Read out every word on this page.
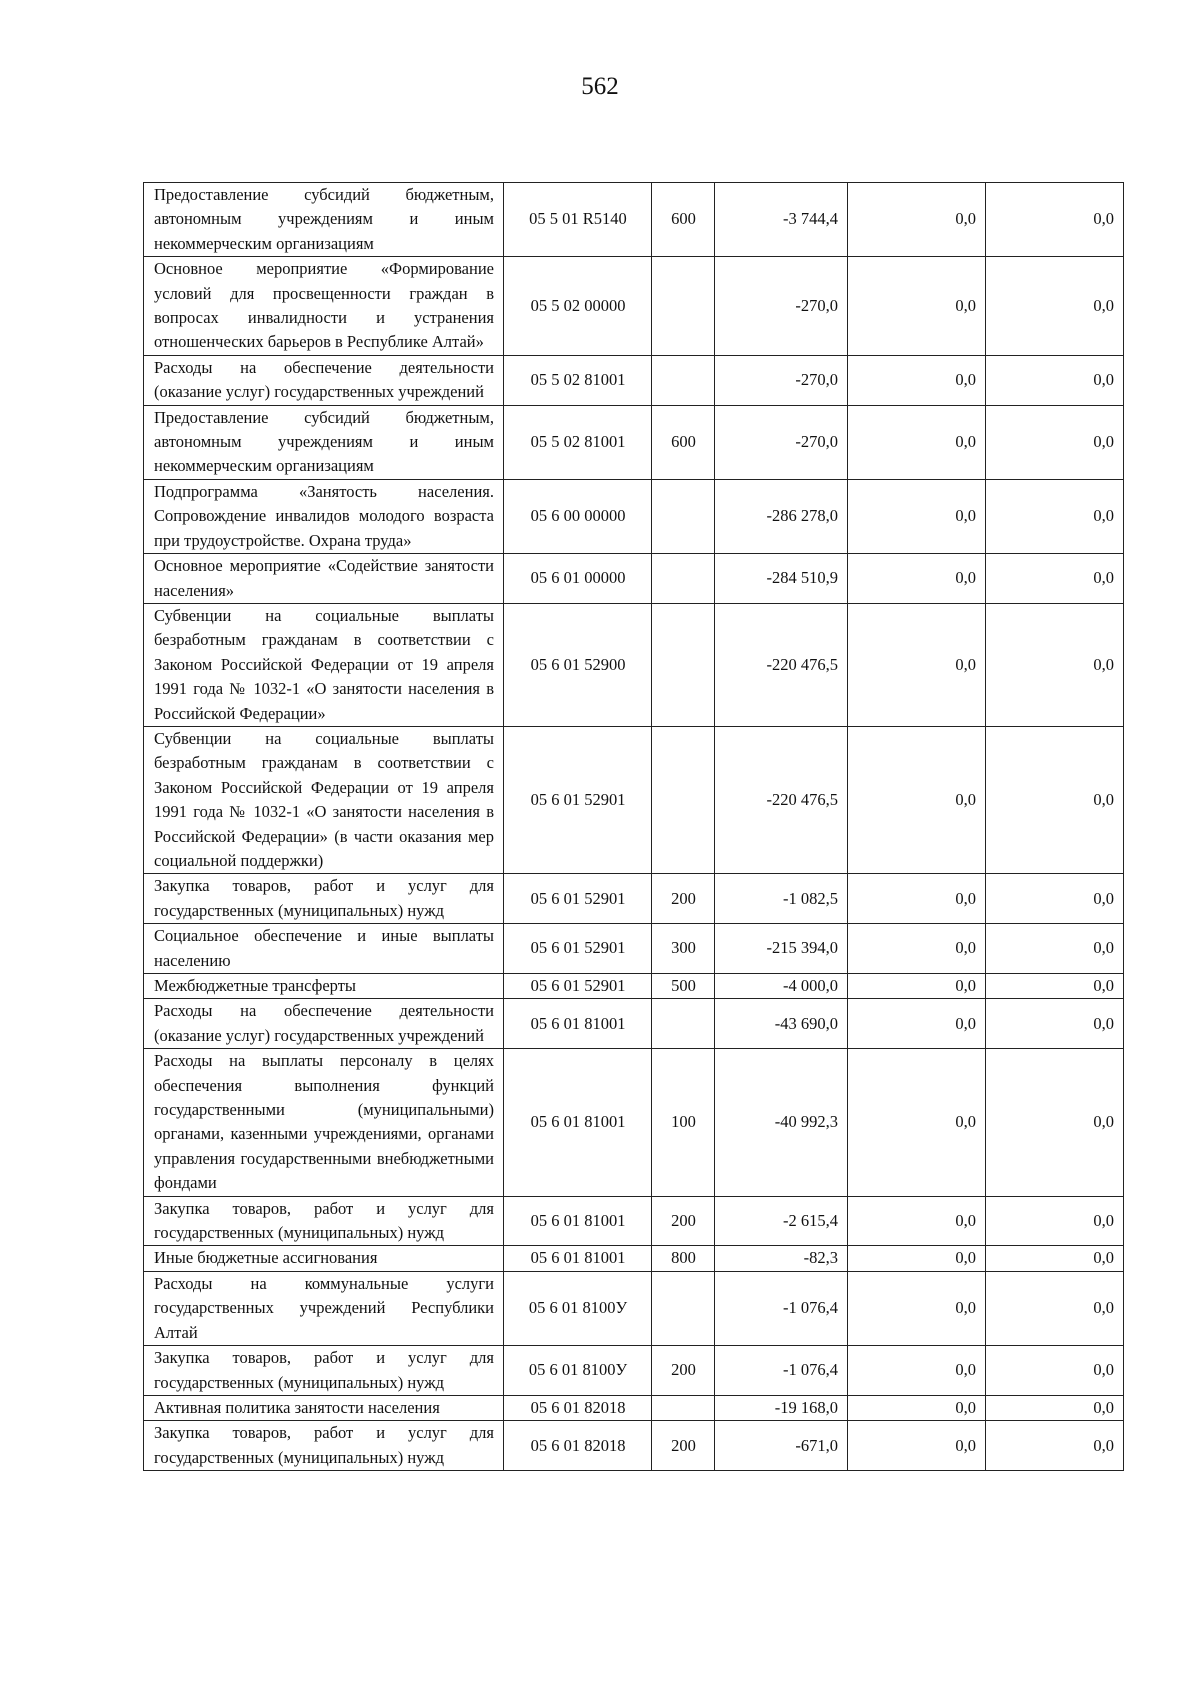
562
Предоставление субсидий бюджетным, автономным учреждениям и иным некоммерческим организациям	05 5 01 R5140	600	-3 744,4	0,0	0,0
Основное мероприятие «Формирование условий для просвещенности граждан в вопросах инвалидности и устранения отношенческих барьеров в Республике Алтай»	05 5 02 00000		-270,0	0,0	0,0
Расходы на обеспечение деятельности (оказание услуг) государственных учреждений	05 5 02 81001		-270,0	0,0	0,0
Предоставление субсидий бюджетным, автономным учреждениям и иным некоммерческим организациям	05 5 02 81001	600	-270,0	0,0	0,0
Подпрограмма «Занятость населения. Сопровождение инвалидов молодого возраста при трудоустройстве. Охрана труда»	05 6 00 00000		-286 278,0	0,0	0,0
Основное мероприятие «Содействие занятости населения»	05 6 01 00000		-284 510,9	0,0	0,0
Субвенции на социальные выплаты безработным гражданам в соответствии с Законом Российской Федерации от 19 апреля 1991 года № 1032-1 «О занятости населения в Российской Федерации»	05 6 01 52900		-220 476,5	0,0	0,0
Субвенции на социальные выплаты безработным гражданам в соответствии с Законом Российской Федерации от 19 апреля 1991 года № 1032-1 «О занятости населения в Российской Федерации» (в части оказания мер социальной поддержки)	05 6 01 52901		-220 476,5	0,0	0,0
Закупка товаров, работ и услуг для государственных (муниципальных) нужд	05 6 01 52901	200	-1 082,5	0,0	0,0
Социальное обеспечение и иные выплаты населению	05 6 01 52901	300	-215 394,0	0,0	0,0
Межбюджетные трансферты	05 6 01 52901	500	-4 000,0	0,0	0,0
Расходы на обеспечение деятельности (оказание услуг) государственных учреждений	05 6 01 81001		-43 690,0	0,0	0,0
Расходы на выплаты персоналу в целях обеспечения выполнения функций государственными (муниципальными) органами, казенными учреждениями, органами управления государственными внебюджетными фондами	05 6 01 81001	100	-40 992,3	0,0	0,0
Закупка товаров, работ и услуг для государственных (муниципальных) нужд	05 6 01 81001	200	-2 615,4	0,0	0,0
Иные бюджетные ассигнования	05 6 01 81001	800	-82,3	0,0	0,0
Расходы на коммунальные услуги государственных учреждений Республики Алтай	05 6 01 8100У		-1 076,4	0,0	0,0
Закупка товаров, работ и услуг для государственных (муниципальных) нужд	05 6 01 8100У	200	-1 076,4	0,0	0,0
Активная политика занятости населения	05 6 01 82018		-19 168,0	0,0	0,0
Закупка товаров, работ и услуг для государственных (муниципальных) нужд	05 6 01 82018	200	-671,0	0,0	0,0
